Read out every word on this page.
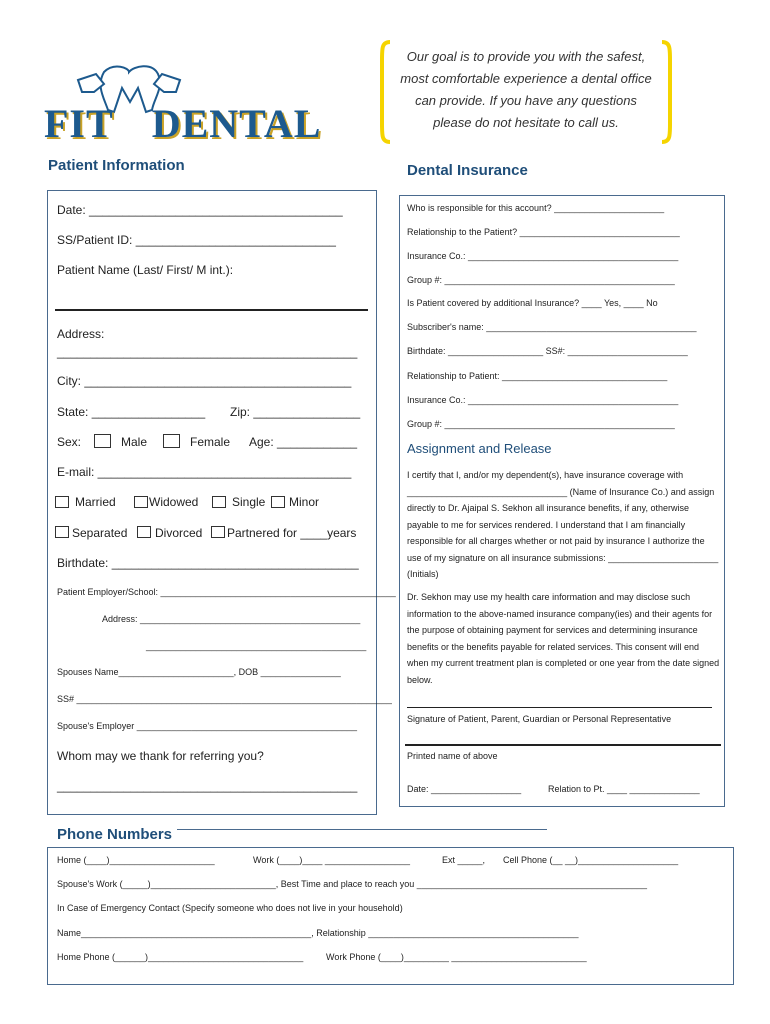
FIT DENTAL
Our goal is to provide you with the safest,
most comfortable experience a dental office
can provide. If you have any questions
please do not hesitate to call us.
Patient Information
Date: ______________________________________
SS/Patient ID: ______________________________
Patient Name (Last/ First/ M int.):
Address:
_____________________________________________
City: ________________________________________
State: _________________ Zip: ________________
Sex:	Male	Female Age: ____________
E-mail: ______________________________________
Married	Widowed	Single Minor
Separated Divorced Partnered for ____years
Birthdate: _____________________________________
Patient Employer/School: _______________________________________________
Address: ____________________________________________
____________________________________________
Spouses Name_______________________, DOB ________________
SS# _______________________________________________________________
Spouse's Employer ____________________________________________
Whom may we thank for referring you?
_____________________________________________
Dental Insurance
Who is responsible for this account? ______________________
Relationship to the Patient? ________________________________
Insurance Co.: __________________________________________
Group #: ______________________________________________
Is Patient covered by additional Insurance? ____ Yes, ____ No
Subscriber's name: __________________________________________
Birthdate: ___________________ SS#: ________________________
Relationship to Patient: _________________________________
Insurance Co.: __________________________________________
Group #: ______________________________________________
Assignment and Release
I certify that I, and/or my dependent(s), have insurance coverage with ________________________________ (Name of Insurance Co.) and assign directly to Dr. Ajaipal S. Sekhon all insurance benefits, if any, otherwise payable to me for services rendered. I understand that I am financially responsible for all charges whether or not paid by insurance I authorize the use of my signature on all insurance submissions: ______________________ (Initials)
Dr. Sekhon may use my health care information and may disclose such information to the above-named insurance company(ies) and their agents for the purpose of obtaining payment for services and determining insurance benefits or the benefits payable for related services. This consent will end when my current treatment plan is completed or one year from the date signed below.
Signature of Patient, Parent, Guardian or Personal Representative
Printed name of above
Date: __________________	Relation to Pt. ____ ______________
Phone Numbers
Home (____)_____________________	Work (____)____ _________________	Ext _____, Cell Phone (__ __)____________________
Spouse's Work (_____)_________________________, Best Time and place to reach you ______________________________________________
In Case of Emergency Contact (Specify someone who does not live in your household)
Name______________________________________________, Relationship __________________________________________
Home Phone (______)_______________________________	Work Phone (____)_________ ___________________________
